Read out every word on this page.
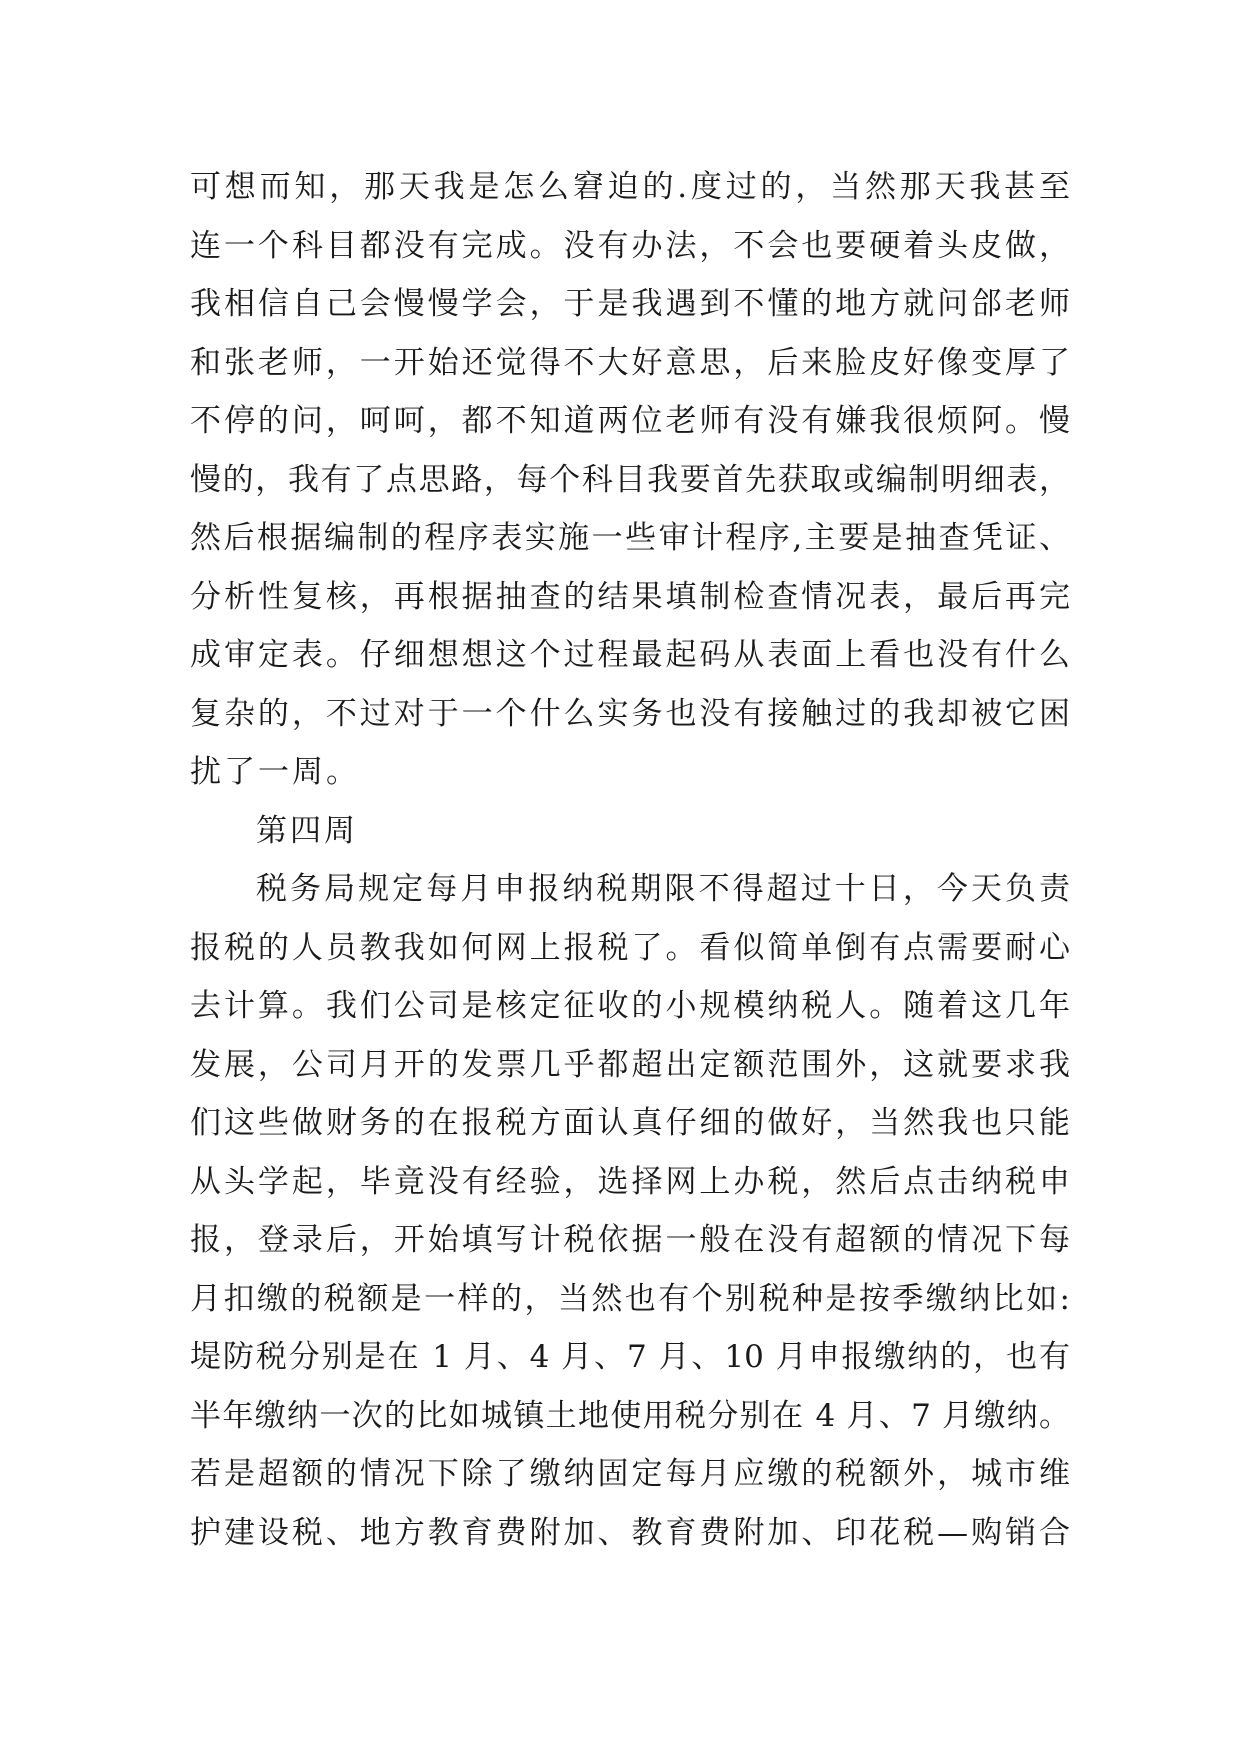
可想而知，那天我是怎么窘迫的.度过的，当然那天我甚至
连一个科目都没有完成。没有办法，不会也要硬着头皮做，
我相信自己会慢慢学会，于是我遇到不懂的地方就问郃老师
和张老师，一开始还觉得不大好意思，后来脸皮好像变厚了
不停的问，呵呵，都不知道两位老师有没有嫌我很烦阿。慢
慢的，我有了点思路，每个科目我要首先获取或编制明细表，
然后根据编制的程序表实施一些审计程序,主要是抽查凭证、
分析性复核，再根据抽查的结果填制检查情况表，最后再完
成审定表。仔细想想这个过程最起码从表面上看也没有什么
复杂的，不过对于一个什么实务也没有接触过的我却被它困
扰了一周。
第四周
税务局规定每月申报纳税期限不得超过十日，今天负责
报税的人员教我如何网上报税了。看似简单倒有点需要耐心
去计算。我们公司是核定征收的小规模纳税人。随着这几年
发展，公司月开的发票几乎都超出定额范围外，这就要求我
们这些做财务的在报税方面认真仔细的做好，当然我也只能
从头学起，毕竟没有经验，选择网上办税，然后点击纳税申
报，登录后，开始填写计税依据一般在没有超额的情况下每
月扣缴的税额是一样的，当然也有个别税种是按季缴纳比如:
堤防税分别是在 1 月、4 月、7 月、10 月申报缴纳的，也有
半年缴纳一次的比如城镇土地使用税分别在 4 月、7 月缴纳。
若是超额的情况下除了缴纳固定每月应缴的税额外，城市维
护建设税、地方教育费附加、教育费附加、印花税—购销合
